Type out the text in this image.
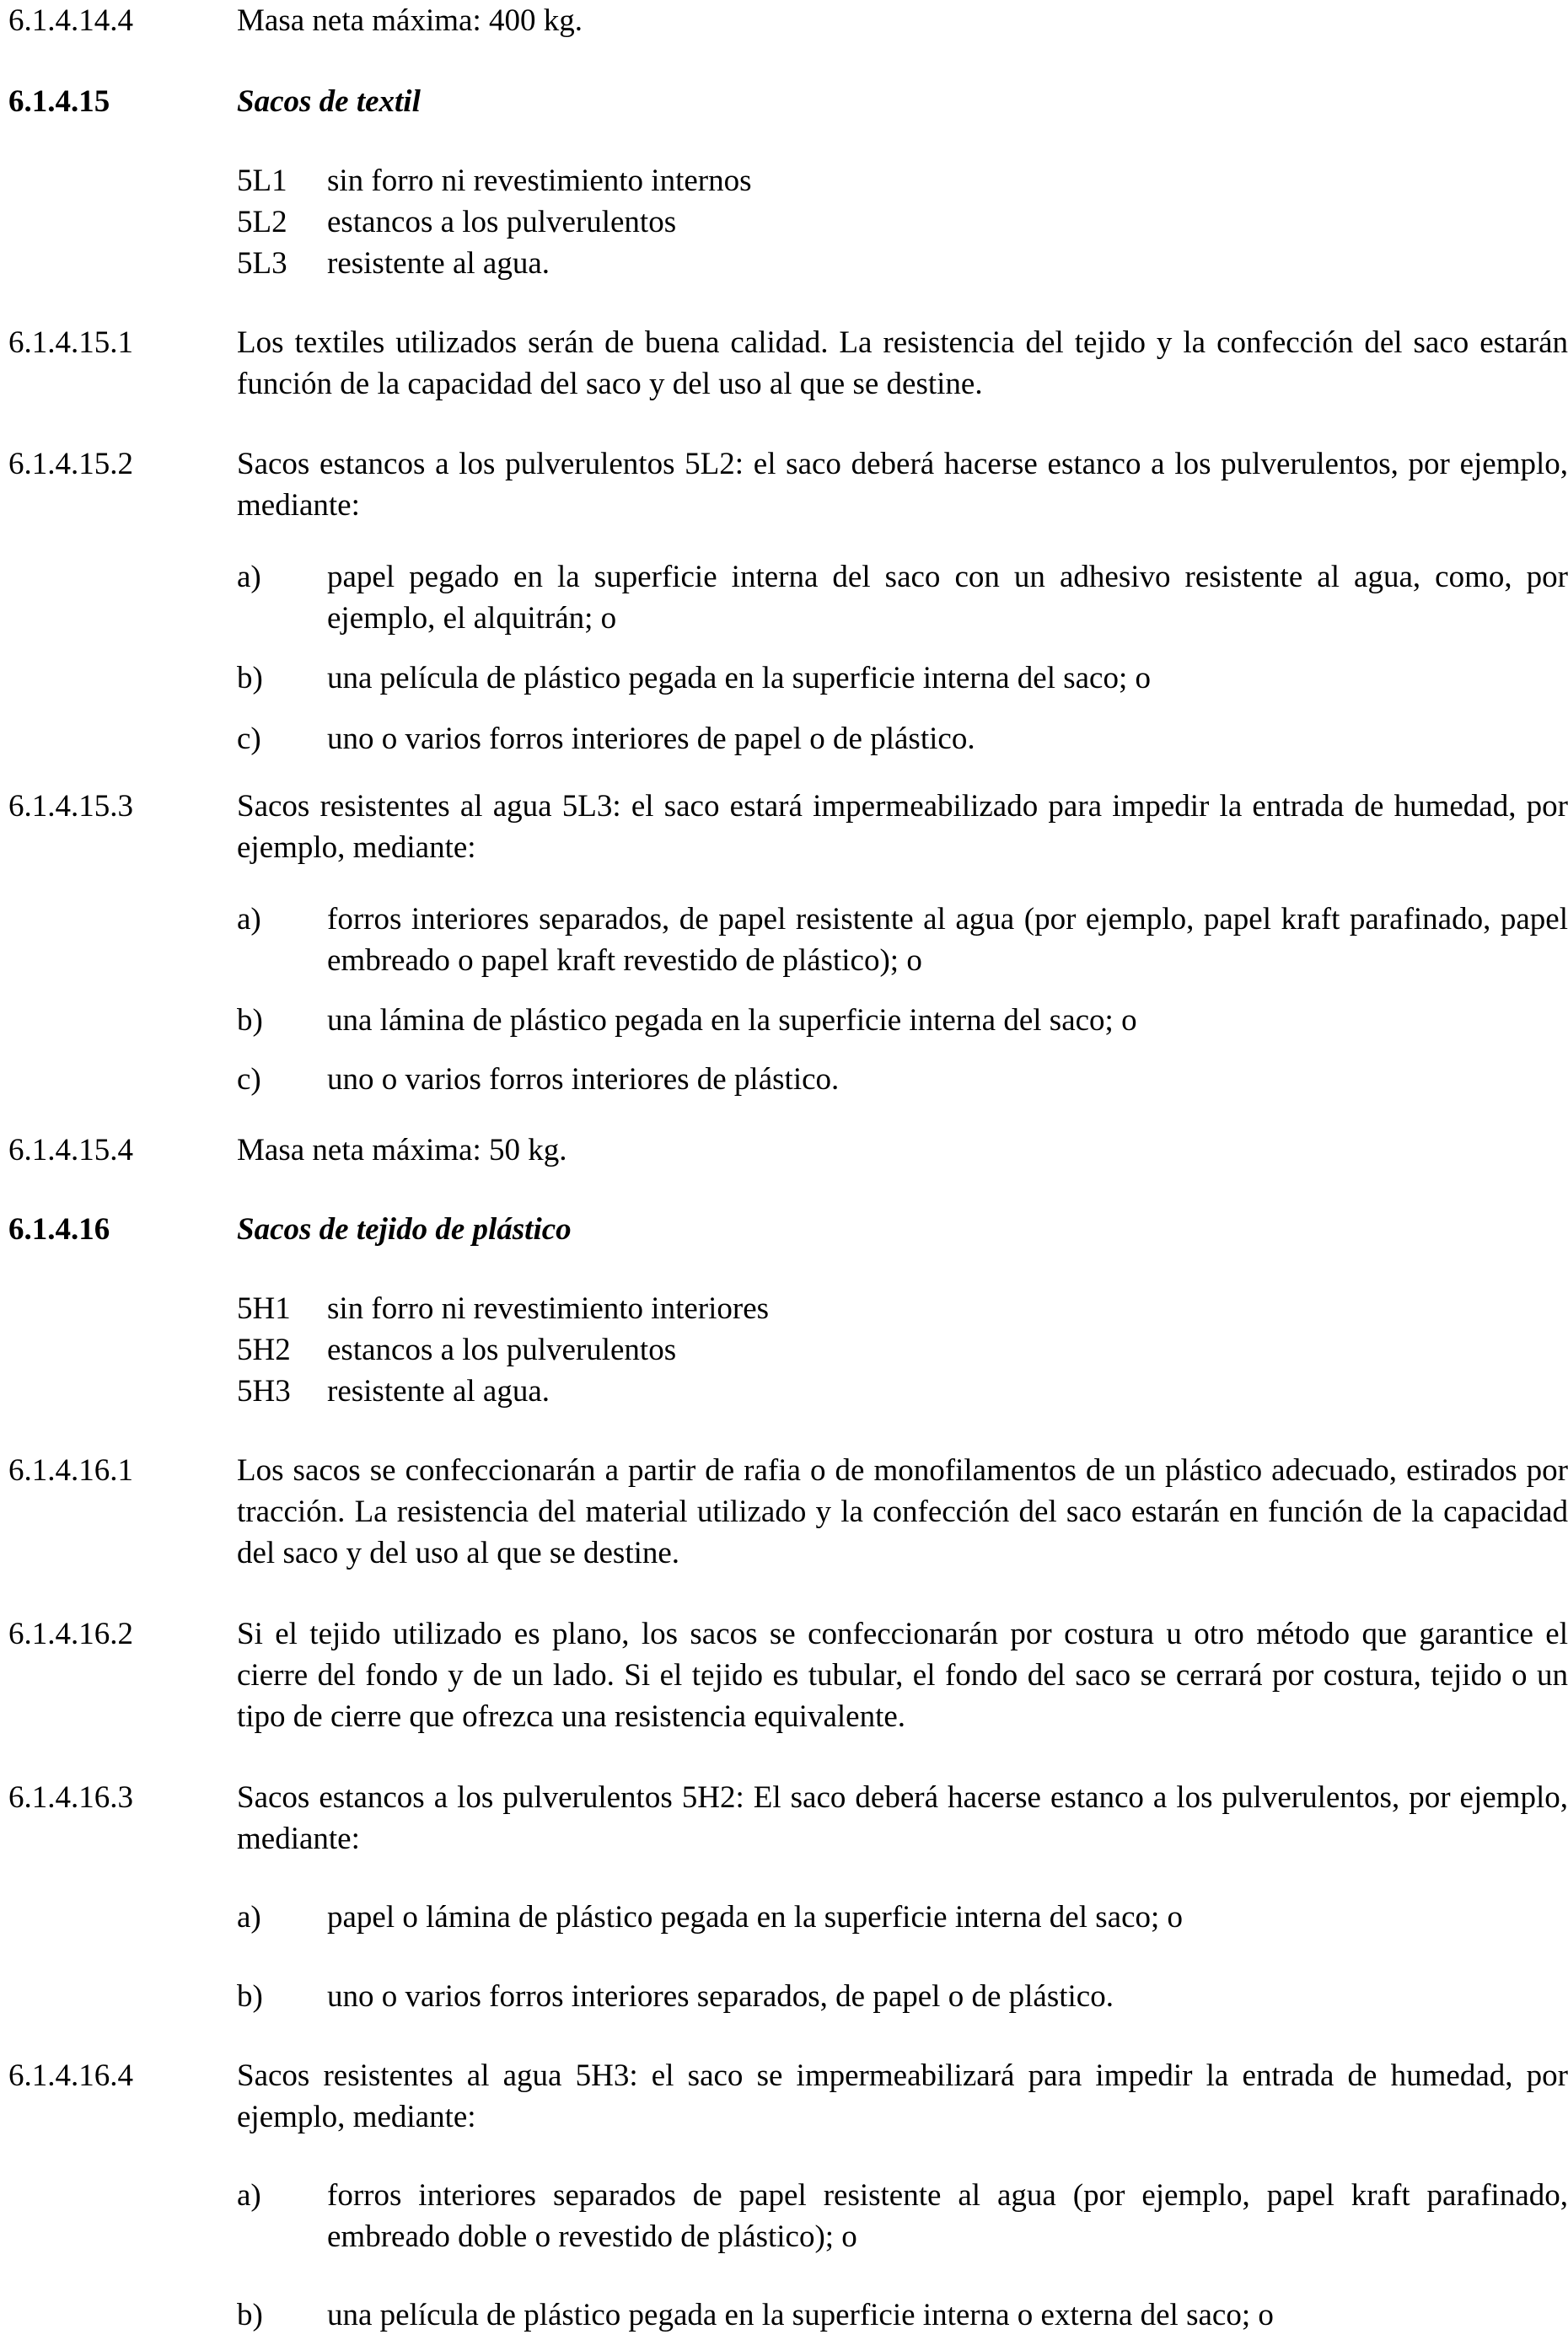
6.1.4.14.4	Masa neta máxima: 400 kg.
6.1.4.15	Sacos de textil
5L1 sin forro ni revestimiento internos
5L2 estancos a los pulverulentos
5L3 resistente al agua.
6.1.4.15.1	Los textiles utilizados serán de buena calidad. La resistencia del tejido y la confección del saco estarán función de la capacidad del saco y del uso al que se destine.
6.1.4.15.2	Sacos estancos a los pulverulentos 5L2: el saco deberá hacerse estanco a los pulverulentos, por ejemplo, mediante:
a) papel pegado en la superficie interna del saco con un adhesivo resistente al agua, como, por ejemplo, el alquitrán; o
b) una película de plástico pegada en la superficie interna del saco; o
c) uno o varios forros interiores de papel o de plástico.
6.1.4.15.3	Sacos resistentes al agua 5L3: el saco estará impermeabilizado para impedir la entrada de humedad, por ejemplo, mediante:
a) forros interiores separados, de papel resistente al agua (por ejemplo, papel kraft parafinado, papel embreado o papel kraft revestido de plástico); o
b) una lámina de plástico pegada en la superficie interna del saco; o
c) uno o varios forros interiores de plástico.
6.1.4.15.4	Masa neta máxima: 50 kg.
6.1.4.16	Sacos de tejido de plástico
5H1 sin forro ni revestimiento interiores
5H2 estancos a los pulverulentos
5H3 resistente al agua.
6.1.4.16.1	Los sacos se confeccionarán a partir de rafia o de monofilamentos de un plástico adecuado, estirados por tracción. La resistencia del material utilizado y la confección del saco estarán en función de la capacidad del saco y del uso al que se destine.
6.1.4.16.2	Si el tejido utilizado es plano, los sacos se confeccionarán por costura u otro método que garantice el cierre del fondo y de un lado. Si el tejido es tubular, el fondo del saco se cerrará por costura, tejido o un tipo de cierre que ofrezca una resistencia equivalente.
6.1.4.16.3	Sacos estancos a los pulverulentos 5H2: El saco deberá hacerse estanco a los pulverulentos, por ejemplo, mediante:
a) papel o lámina de plástico pegada en la superficie interna del saco; o
b) uno o varios forros interiores separados, de papel o de plástico.
6.1.4.16.4	Sacos resistentes al agua 5H3: el saco se impermeabilizará para impedir la entrada de humedad, por ejemplo, mediante:
a) forros interiores separados de papel resistente al agua (por ejemplo, papel kraft parafinado, embreado doble o revestido de plástico); o
b) una película de plástico pegada en la superficie interna o externa del saco; o
